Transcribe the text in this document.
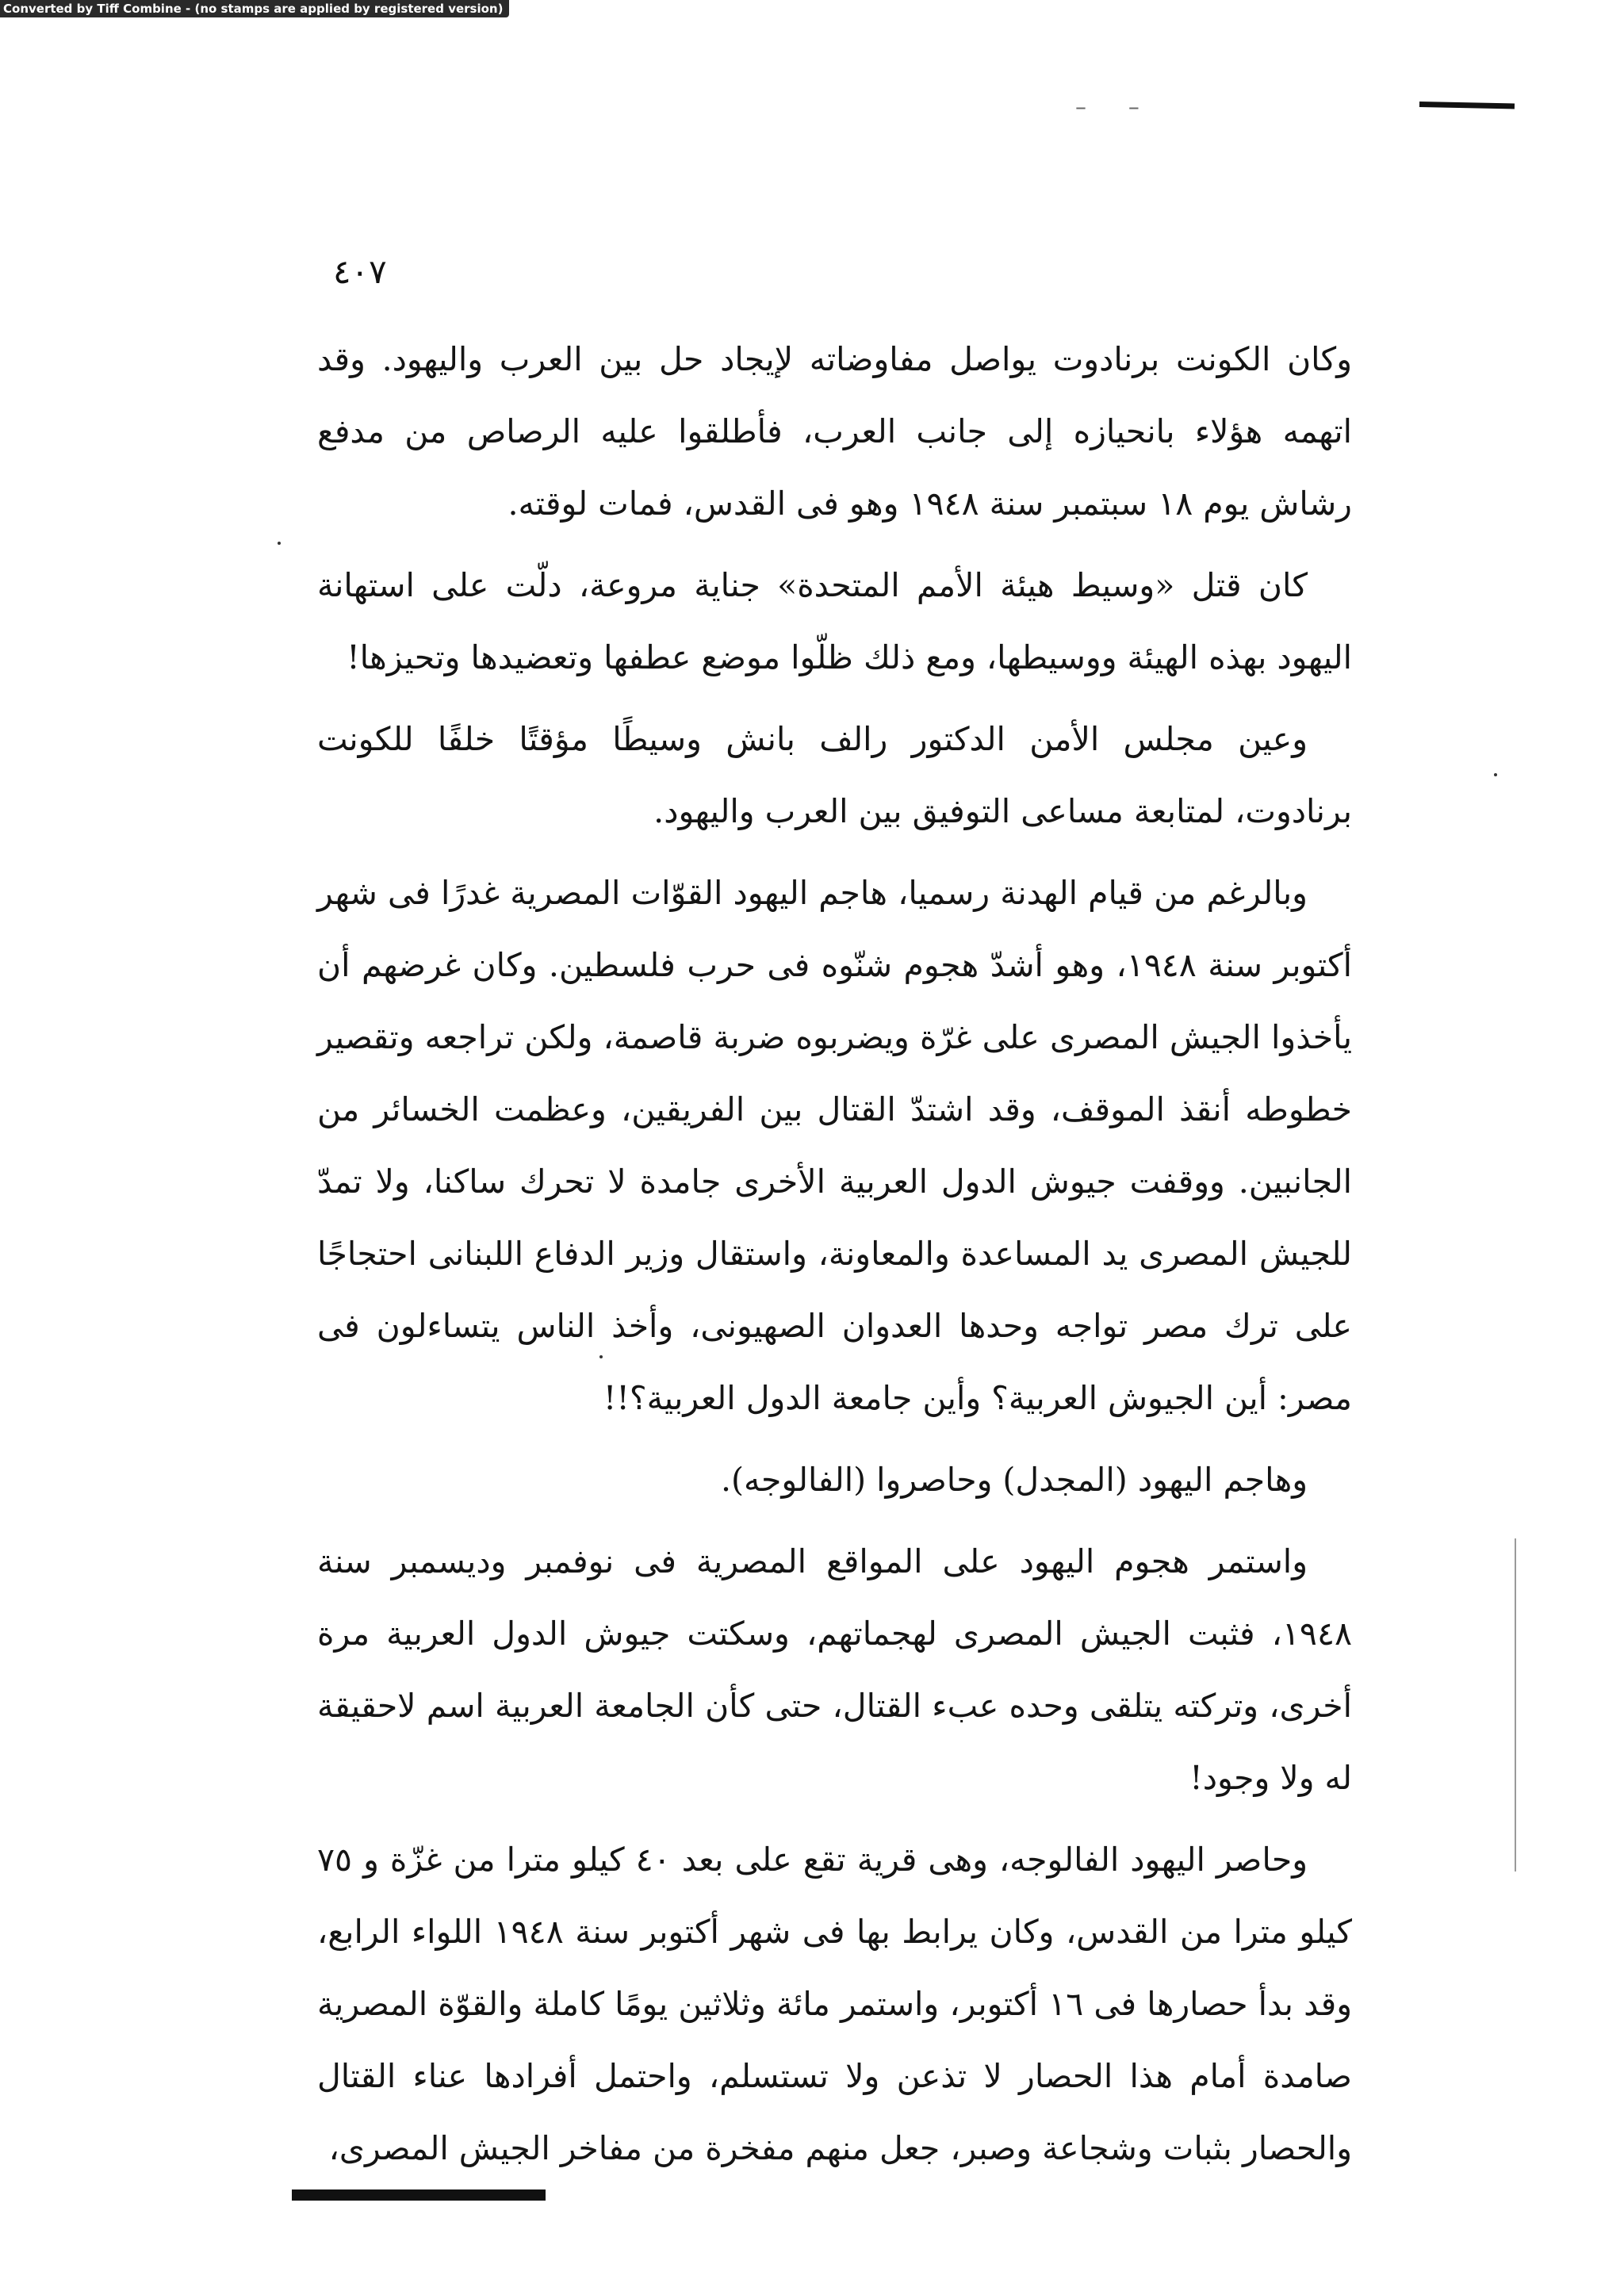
Converted by Tiff Combine - (no stamps are applied by registered version)
– –
٤٠٧

وكان الكونت برنادوت يواصل مفاوضاته لإيجاد حل بين العرب واليهود. وقد اتهمه هؤلاء بانحيازه إلى جانب العرب، فأطلقوا عليه الرصاص من مدفع رشاش يوم ١٨ سبتمبر سنة ١٩٤٨ وهو فى القدس، فمات لوقته.

كان قتل «وسيط هيئة الأمم المتحدة» جناية مروعة، دلّت على استهانة اليهود بهذه الهيئة ووسيطها، ومع ذلك ظلّوا موضع عطفها وتعضيدها وتحيزها!

وعين مجلس الأمن الدكتور رالف بانش وسيطًا مؤقتًا خلفًا للكونت برنادوت، لمتابعة مساعى التوفيق بين العرب واليهود.

وبالرغم من قيام الهدنة رسميا، هاجم اليهود القوّات المصرية غدرًا فى شهر أكتوبر سنة ١٩٤٨، وهو أشدّ هجوم شنّوه فى حرب فلسطين. وكان غرضهم أن يأخذوا الجيش المصرى على غرّة ويضربوه ضربة قاصمة، ولكن تراجعه وتقصير خطوطه أنقذ الموقف، وقد اشتدّ القتال بين الفريقين، وعظمت الخسائر من الجانبين. ووقفت جيوش الدول العربية الأخرى جامدة لا تحرك ساكنا، ولا تمدّ للجيش المصرى يد المساعدة والمعاونة، واستقال وزير الدفاع اللبنانى احتجاجًا على ترك مصر تواجه وحدها العدوان الصهيونى، وأخذ الناس يتساءلون فى مصر: أين الجيوش العربية؟ وأين جامعة الدول العربية؟!!

وهاجم اليهود (المجدل) وحاصروا (الفالوجه).

واستمر هجوم اليهود على المواقع المصرية فى نوفمبر وديسمبر سنة ١٩٤٨، فثبت الجيش المصرى لهجماتهم، وسكتت جيوش الدول العربية مرة أخرى، وتركته يتلقى وحده عبء القتال، حتى كأن الجامعة العربية اسم لاحقيقة له ولا وجود!

وحاصر اليهود الفالوجه، وهى قرية تقع على بعد ٤٠ كيلو مترا من غزّة و ٧٥ كيلو مترا من القدس، وكان يرابط بها فى شهر أكتوبر سنة ١٩٤٨ اللواء الرابع، وقد بدأ حصارها فى ١٦ أكتوبر، واستمر مائة وثلاثين يومًا كاملة والقوّة المصرية صامدة أمام هذا الحصار لا تذعن ولا تستسلم، واحتمل أفرادها عناء القتال والحصار بثبات وشجاعة وصبر، جعل منهم مفخرة من مفاخر الجيش المصرى،
